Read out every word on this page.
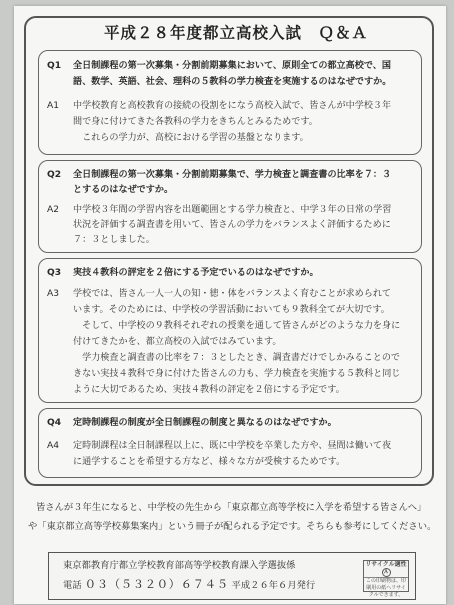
平成２８年度都立高校入試　Ｑ＆Ａ
Q1 全日制課程の第一次募集・分割前期募集において、原則全ての都立高校で、国
語、数学、英語、社会、理科の５教科の学力検査を実施するのはなぜですか。
A1 中学校教育と高校教育の接続の役割をになう高校入試で、皆さんが中学校３年
間で身に付けてきた各教科の学力をきちんとみるためです。
　これらの学力が、高校における学習の基盤となります。
Q2 全日制課程の第一次募集・分割前期募集で、学力検査と調査書の比率を７：３
とするのはなぜですか。
A2 中学校３年間の学習内容を出題範囲とする学力検査と、中学３年の日常の学習
状況を評価する調査書を用いて、皆さんの学力をバランスよく評価するために
７：３としました。
Q3 実技４教科の評定を２倍にする予定でいるのはなぜですか。
A3 学校では、皆さん一人一人の知・徳・体をバランスよく育むことが求められて
います。そのためには、中学校の学習活動においても９教科全てが大切です。
　そして、中学校の９教科それぞれの授業を通して皆さんがどのような力を身に
付けてきたかを、都立高校の入試ではみています。
　学力検査と調査書の比率を７：３としたとき、調査書だけでしかみることので
きない実技４教科で身に付けた皆さんの力も、学力検査を実施する５教科と同じ
ように大切であるため、実技４教科の評定を２倍にする予定です。
Q4 定時制課程の制度が全日制課程の制度と異なるのはなぜですか。
A4 定時制課程は全日制課程以上に、既に中学校を卒業した方や、昼間は働いて夜
に通学することを希望する方など、様々な方が受検するためです。
皆さんが３年生になると、中学校の先生から「東京都立高等学校に入学を希望する皆さんへ」
や「東京都立高等学校募集案内」という冊子が配られる予定です。そちらも参考にしてください。
東京都教育庁都立学校教育部高等学校教育課入学選抜係
電話 ０３（５３２０）６７４５ 平成２６年６月発行
リサイクル適性 Ａ
この印刷物は、印刷用の紙へリサイクルできます。
